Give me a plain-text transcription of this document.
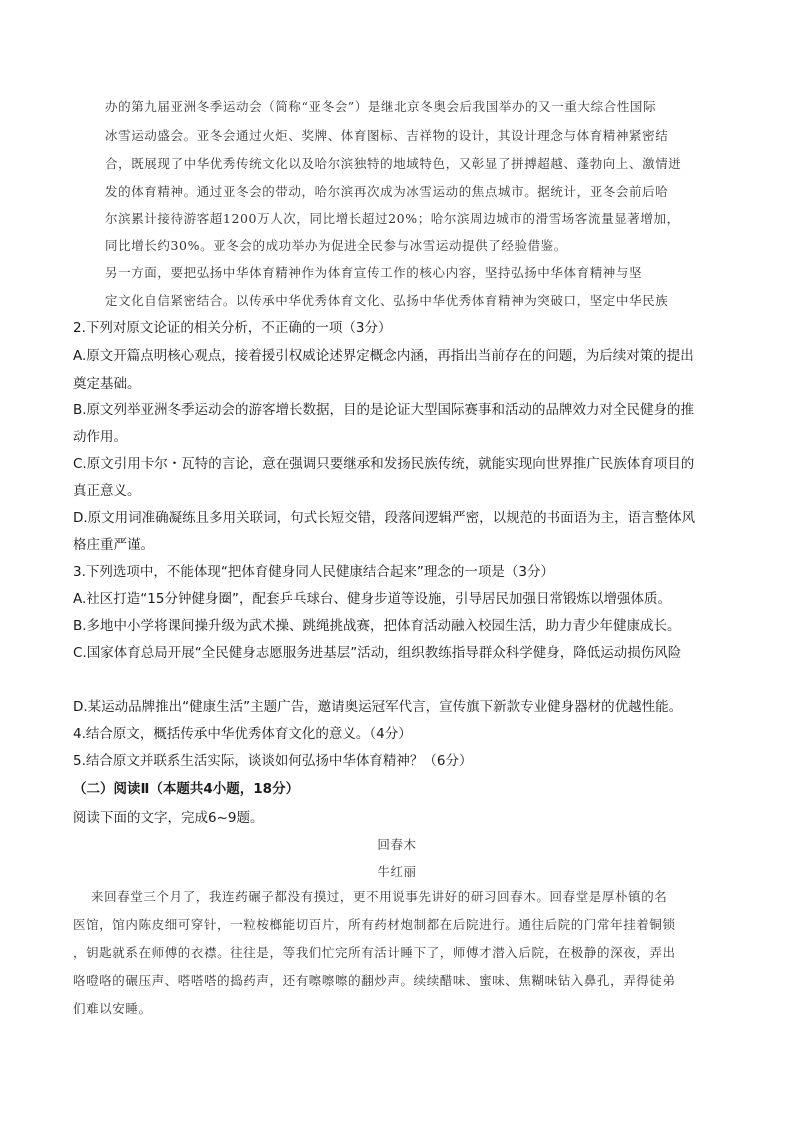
办的第九届亚洲冬季运动会（简称“亚冬会”）是继北京冬奥会后我国举办的又一重大综合性国际
冰雪运动盛会。亚冬会通过火炬、奖牌、体育图标、吉祥物的设计，其设计理念与体育精神紧密结
合，既展现了中华优秀传统文化以及哈尔滨独特的地域特色，又彰显了拼搏超越、蓬勃向上、激情迸
发的体育精神。通过亚冬会的带动，哈尔滨再次成为冰雪运动的焦点城市。据统计，亚冬会前后哈
尔滨累计接待游客超1200万人次，同比增长超过20%；哈尔滨周边城市的滑雪场客流量显著增加，
同比增长约30%。亚冬会的成功举办为促进全民参与冰雪运动提供了经验借鉴。
另一方面，要把弘扬中华体育精神作为体育宣传工作的核心内容，坚持弘扬中华体育精神与坚
定文化自信紧密结合。以传承中华优秀体育文化、弘扬中华优秀体育精神为突破口，坚定中华民族
2.下列对原文论证的相关分析，不正确的一项（3分）
A.原文开篇点明核心观点，接着援引权威论述界定概念内涵，再指出当前存在的问题，为后续对策的提出
奠定基础。
B.原文列举亚洲冬季运动会的游客增长数据，目的是论证大型国际赛事和活动的品牌效力对全民健身的推
动作用。
C.原文引用卡尔・瓦特的言论，意在强调只要继承和发扬民族传统，就能实现向世界推广民族体育项目的
真正意义。
D.原文用词准确凝练且多用关联词，句式长短交错，段落间逻辑严密，以规范的书面语为主，语言整体风
格庄重严谨。
3.下列选项中，不能体现“把体育健身同人民健康结合起来”理念的一项是（3分）
A.社区打造“15分钟健身圈”，配套乒乓球台、健身步道等设施，引导居民加强日常锻炼以增强体质。
B.多地中小学将课间操升级为武术操、跳绳挑战赛，把体育活动融入校园生活，助力青少年健康成长。
C.国家体育总局开展“全民健身志愿服务进基层”活动，组织教练指导群众科学健身，降低运动损伤风险
D.某运动品牌推出“健康生活”主题广告，邀请奥运冠军代言，宣传旗下新款专业健身器材的优越性能。
4.结合原文，概括传承中华优秀体育文化的意义。（4分）
5.结合原文并联系生活实际，谈谈如何弘扬中华体育精神？（6分）
（二）阅读Ⅱ（本题共4小题，18分）
阅读下面的文字，完成6~9题。
回春木
牛红丽
来回春堂三个月了，我连药碾子都没有摸过，更不用说事先讲好的研习回春木。回春堂是厚朴镇的名
医馆，馆内陈皮细可穿针，一粒桉榔能切百片，所有药材炮制都在后院进行。通往后院的门常年挂着铜锁
，钥匙就系在师傅的衣襟。往往是，等我们忙完所有活计睡下了，师傅才潜入后院，在极静的深夜，弄出
咯噔咯的碾压声、嗒嗒嗒的捣药声，还有嚓嚓嚓的翻炒声。续续醋味、蜜味、焦糊味钻入鼻孔，弄得徒弟
们难以安睡。
